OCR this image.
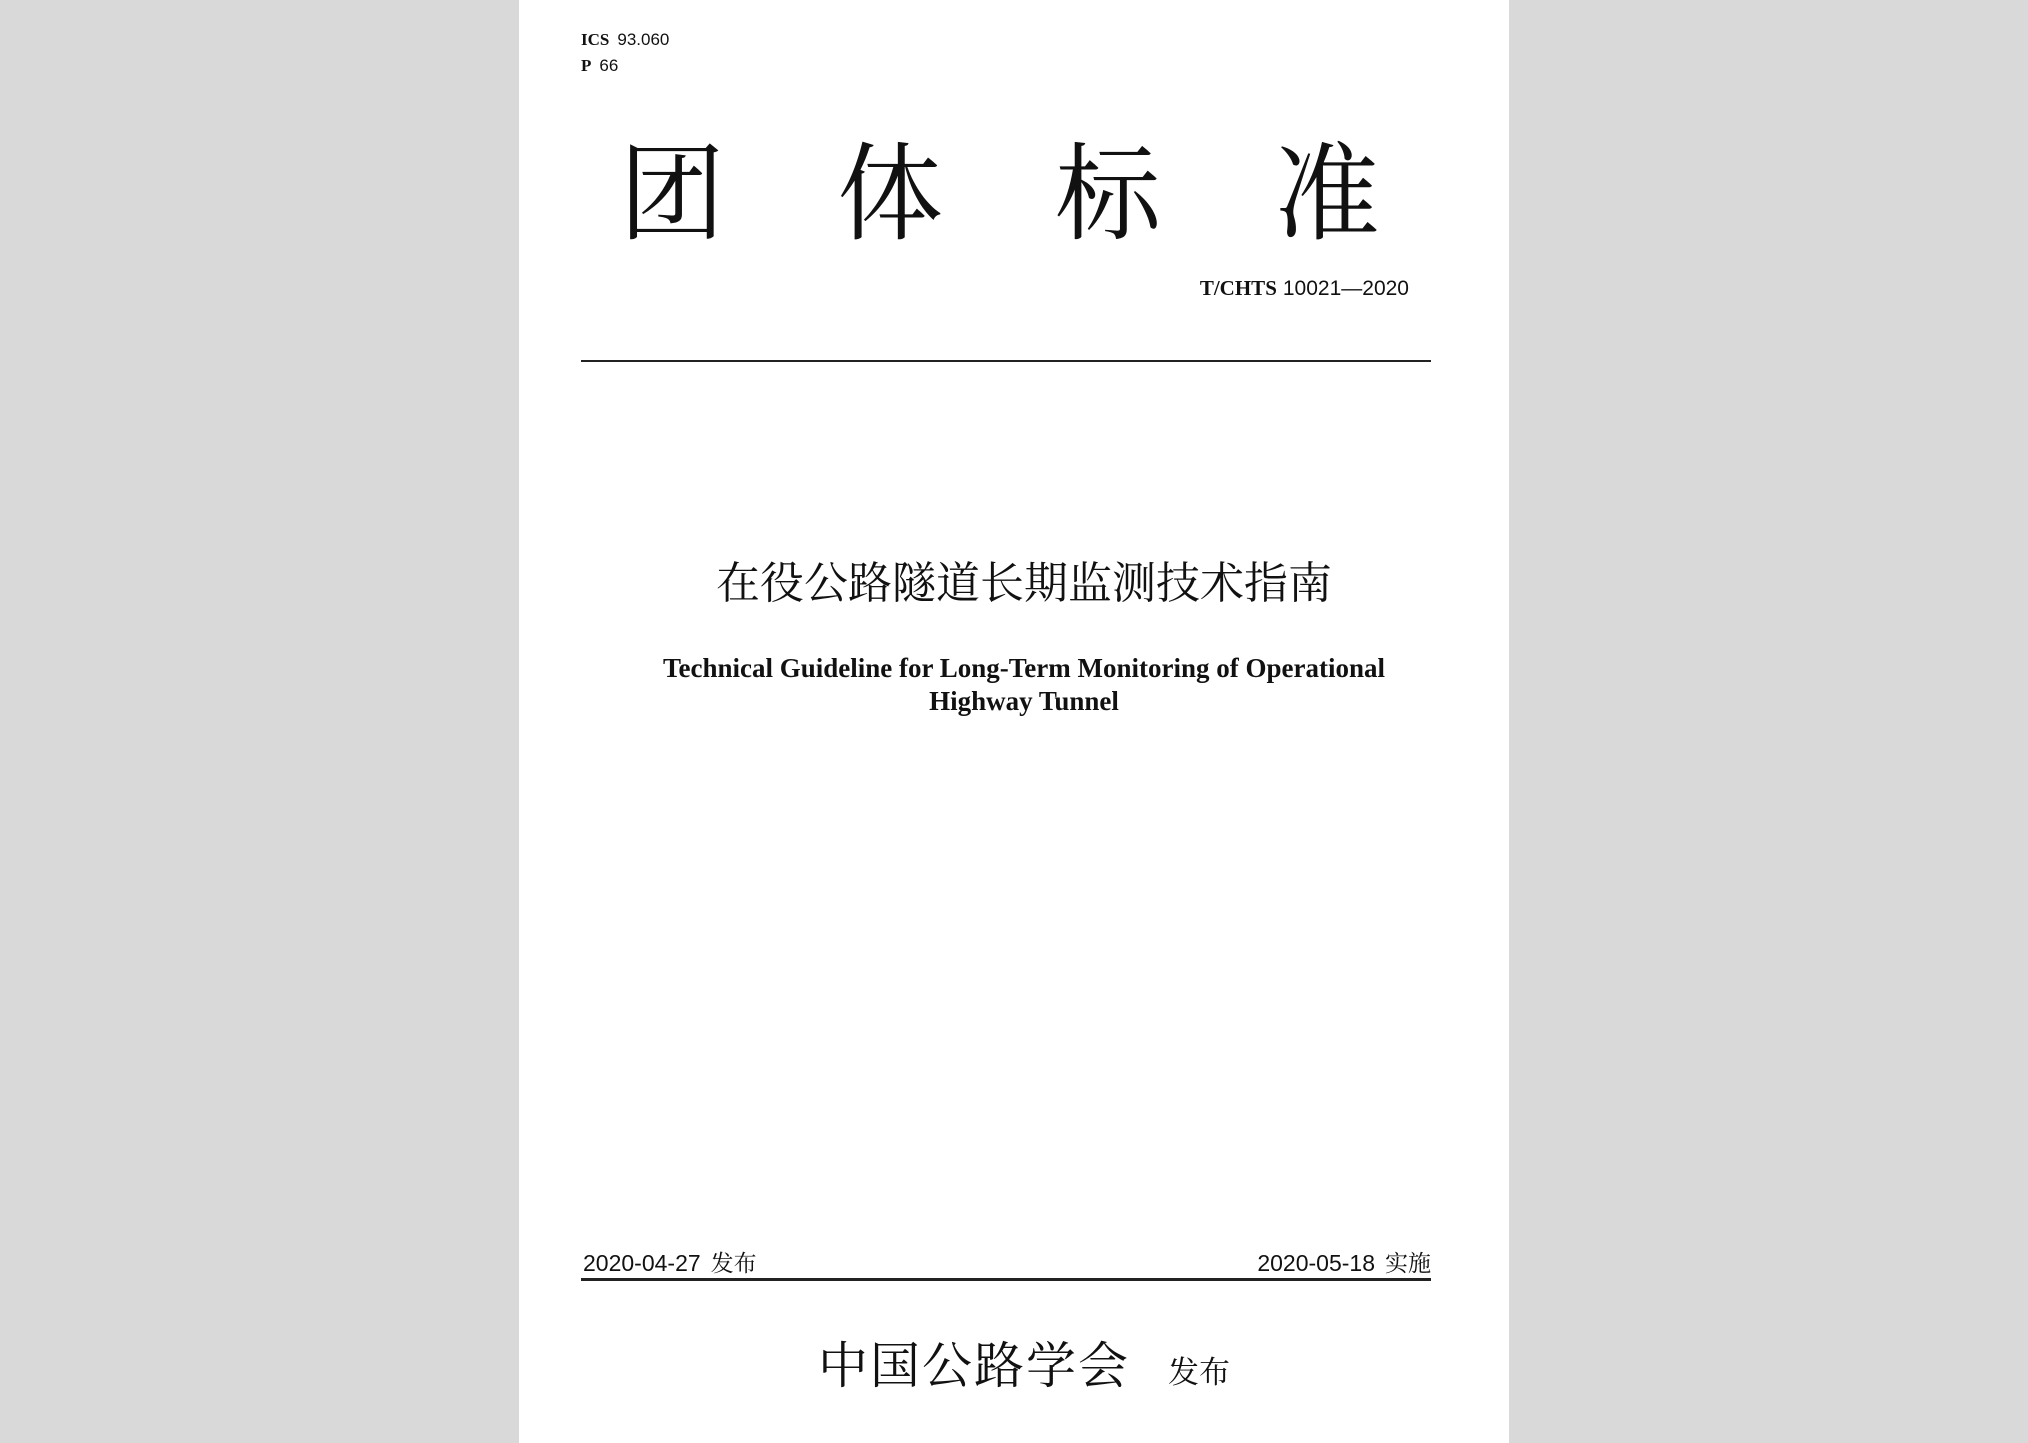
ICS 93.060
P 66
团 体 标 准
T/CHTS 10021—2020
在役公路隧道长期监测技术指南
Technical Guideline for Long-Term Monitoring of Operational
Highway Tunnel
2020-04-27 发布	2020-05-18 实施
中国公路学会 发布
